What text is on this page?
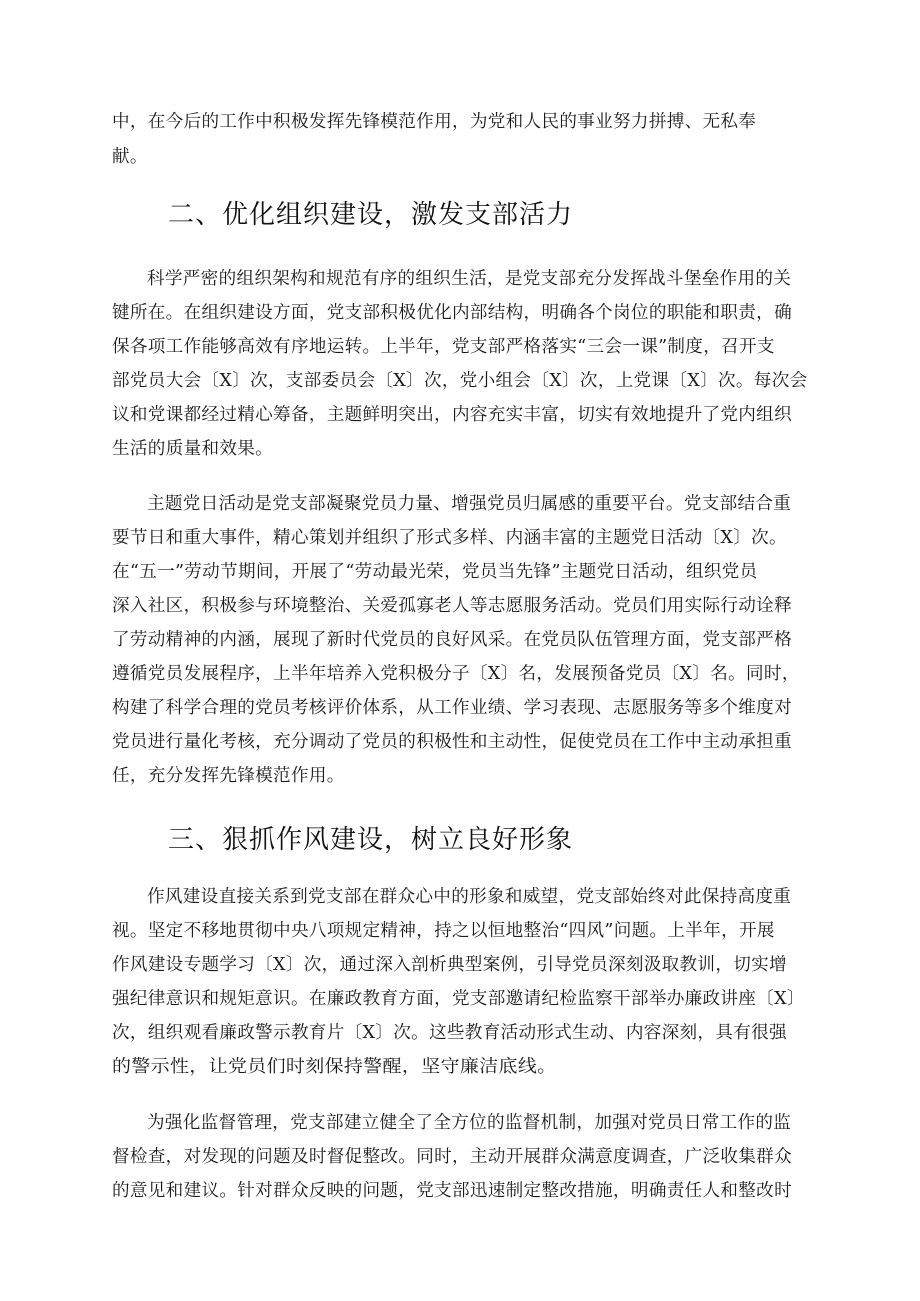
中，在今后的工作中积极发挥先锋模范作用，为党和人民的事业努力拼搏、无私奉
献。
二、优化组织建设，激发支部活力
科学严密的组织架构和规范有序的组织生活，是党支部充分发挥战斗堡垒作用的关
键所在。在组织建设方面，党支部积极优化内部结构，明确各个岗位的职能和职责，确
保各项工作能够高效有序地运转。上半年，党支部严格落实“三会一课”制度，召开支
部党员大会〔X〕次，支部委员会〔X〕次，党小组会〔X〕次，上党课〔X〕次。每次会
议和党课都经过精心筹备，主题鲜明突出，内容充实丰富，切实有效地提升了党内组织
生活的质量和效果。
主题党日活动是党支部凝聚党员力量、增强党员归属感的重要平台。党支部结合重
要节日和重大事件，精心策划并组织了形式多样、内涵丰富的主题党日活动〔X〕次。
在“五一”劳动节期间，开展了“劳动最光荣，党员当先锋”主题党日活动，组织党员
深入社区，积极参与环境整治、关爱孤寡老人等志愿服务活动。党员们用实际行动诠释
了劳动精神的内涵，展现了新时代党员的良好风采。在党员队伍管理方面，党支部严格
遵循党员发展程序，上半年培养入党积极分子〔X〕名，发展预备党员〔X〕名。同时，
构建了科学合理的党员考核评价体系，从工作业绩、学习表现、志愿服务等多个维度对
党员进行量化考核，充分调动了党员的积极性和主动性，促使党员在工作中主动承担重
任，充分发挥先锋模范作用。
三、狠抓作风建设，树立良好形象
作风建设直接关系到党支部在群众心中的形象和威望，党支部始终对此保持高度重
视。坚定不移地贯彻中央八项规定精神，持之以恒地整治“四风”问题。上半年，开展
作风建设专题学习〔X〕次，通过深入剖析典型案例，引导党员深刻汲取教训，切实增
强纪律意识和规矩意识。在廉政教育方面，党支部邀请纪检监察干部举办廉政讲座〔X〕
次，组织观看廉政警示教育片〔X〕次。这些教育活动形式生动、内容深刻，具有很强
的警示性，让党员们时刻保持警醒，坚守廉洁底线。
为强化监督管理，党支部建立健全了全方位的监督机制，加强对党员日常工作的监
督检查，对发现的问题及时督促整改。同时，主动开展群众满意度调查，广泛收集群众
的意见和建议。针对群众反映的问题，党支部迅速制定整改措施，明确责任人和整改时
